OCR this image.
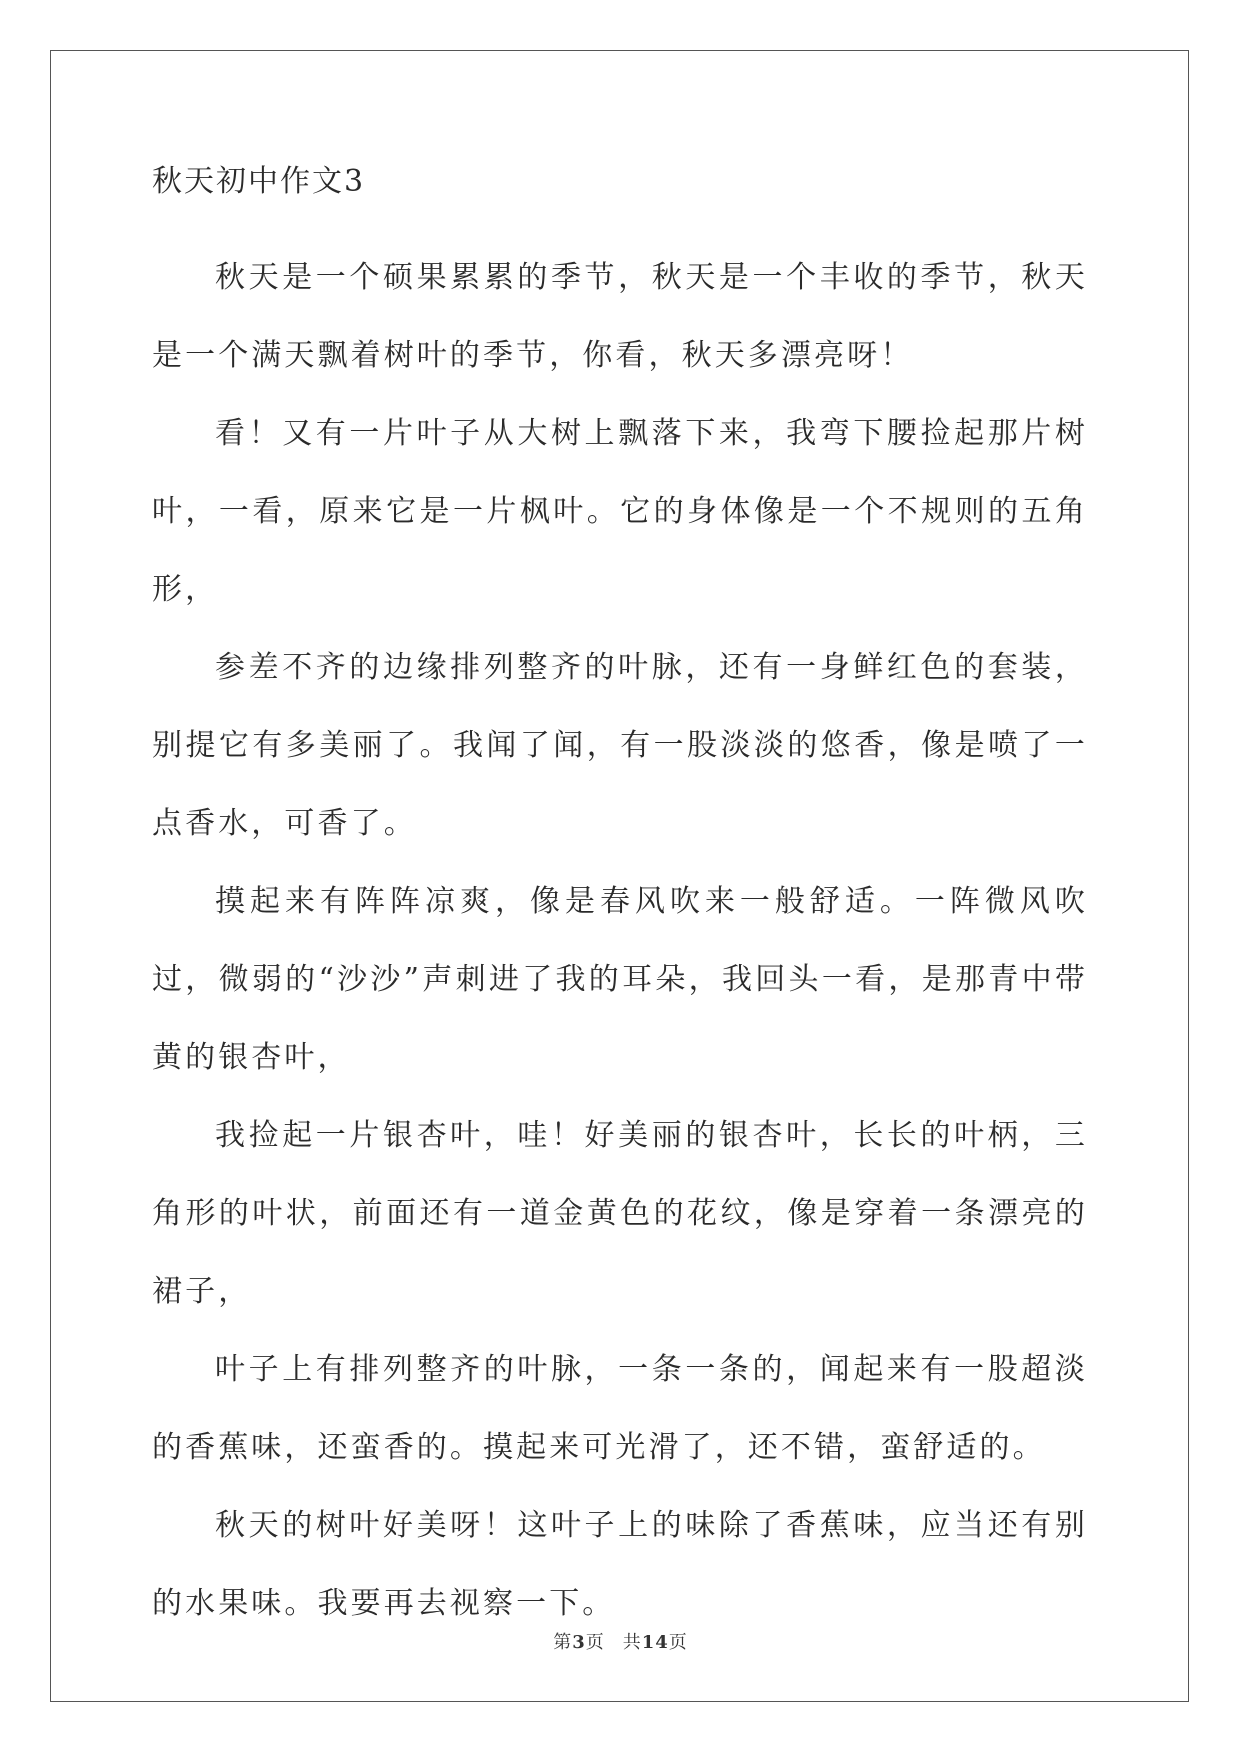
秋天初中作文3

秋天是一个硕果累累的季节，秋天是一个丰收的季节，秋天是一个满天飘着树叶的季节，你看，秋天多漂亮呀！

看！又有一片叶子从大树上飘落下来，我弯下腰捡起那片树叶，一看，原来它是一片枫叶。它的身体像是一个不规则的五角形，

参差不齐的边缘排列整齐的叶脉，还有一身鲜红色的套装，别提它有多美丽了。我闻了闻，有一股淡淡的悠香，像是喷了一点香水，可香了。

摸起来有阵阵凉爽，像是春风吹来一般舒适。一阵微风吹过，微弱的“沙沙”声刺进了我的耳朵，我回头一看，是那青中带黄的银杏叶，

我捡起一片银杏叶，哇！好美丽的银杏叶，长长的叶柄，三角形的叶状，前面还有一道金黄色的花纹，像是穿着一条漂亮的裙子，

叶子上有排列整齐的叶脉，一条一条的，闻起来有一股超淡的香蕉味，还蛮香的。摸起来可光滑了，还不错，蛮舒适的。

秋天的树叶好美呀！这叶子上的味除了香蕉味，应当还有别的水果味。我要再去视察一下。

第3页 共14页
